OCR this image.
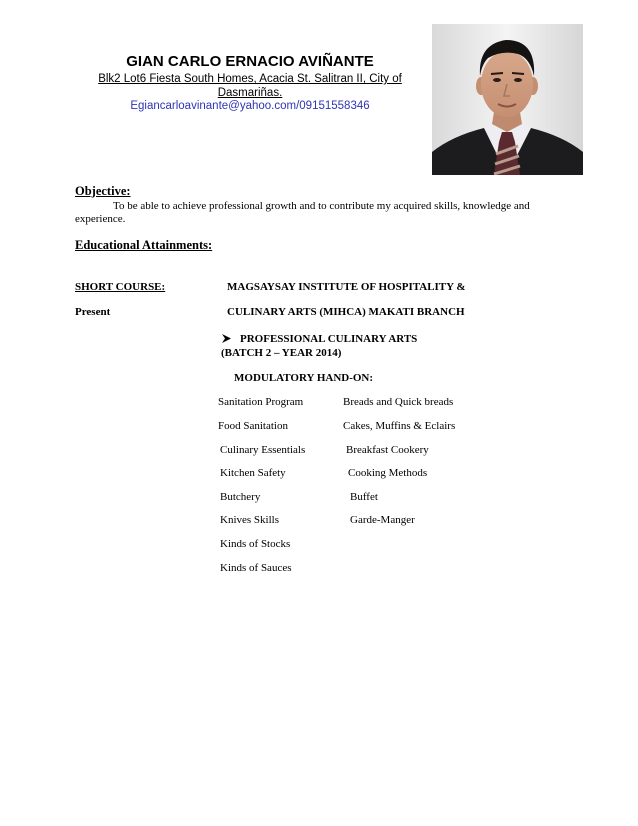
GIAN CARLO ERNACIO AVIÑANTE
Blk2 Lot6 Fiesta South Homes, Acacia St. Salitran II, City of
Dasmariñas.
Egiancarloavinante@yahoo.com/09151558346
Objective:
To be able to achieve professional growth and to contribute my acquired skills, knowledge and
experience.
Educational Attainments:
SHORT COURSE:
Present
MAGSAYSAY INSTITUTE OF HOSPITALITY &
CULINARY ARTS (MIHCA) MAKATI BRANCH
PROFESSIONAL CULINARY ARTS
(BATCH 2 – YEAR 2014)
MODULATORY HAND-ON:
Sanitation Program
Food Sanitation
Culinary Essentials
Kitchen Safety
Butchery
Knives Skills
Kinds of Stocks
Kinds of Sauces
Breads and Quick breads
Cakes, Muffins & Eclairs
Breakfast Cookery
Cooking Methods
Buffet
Garde-Manger
